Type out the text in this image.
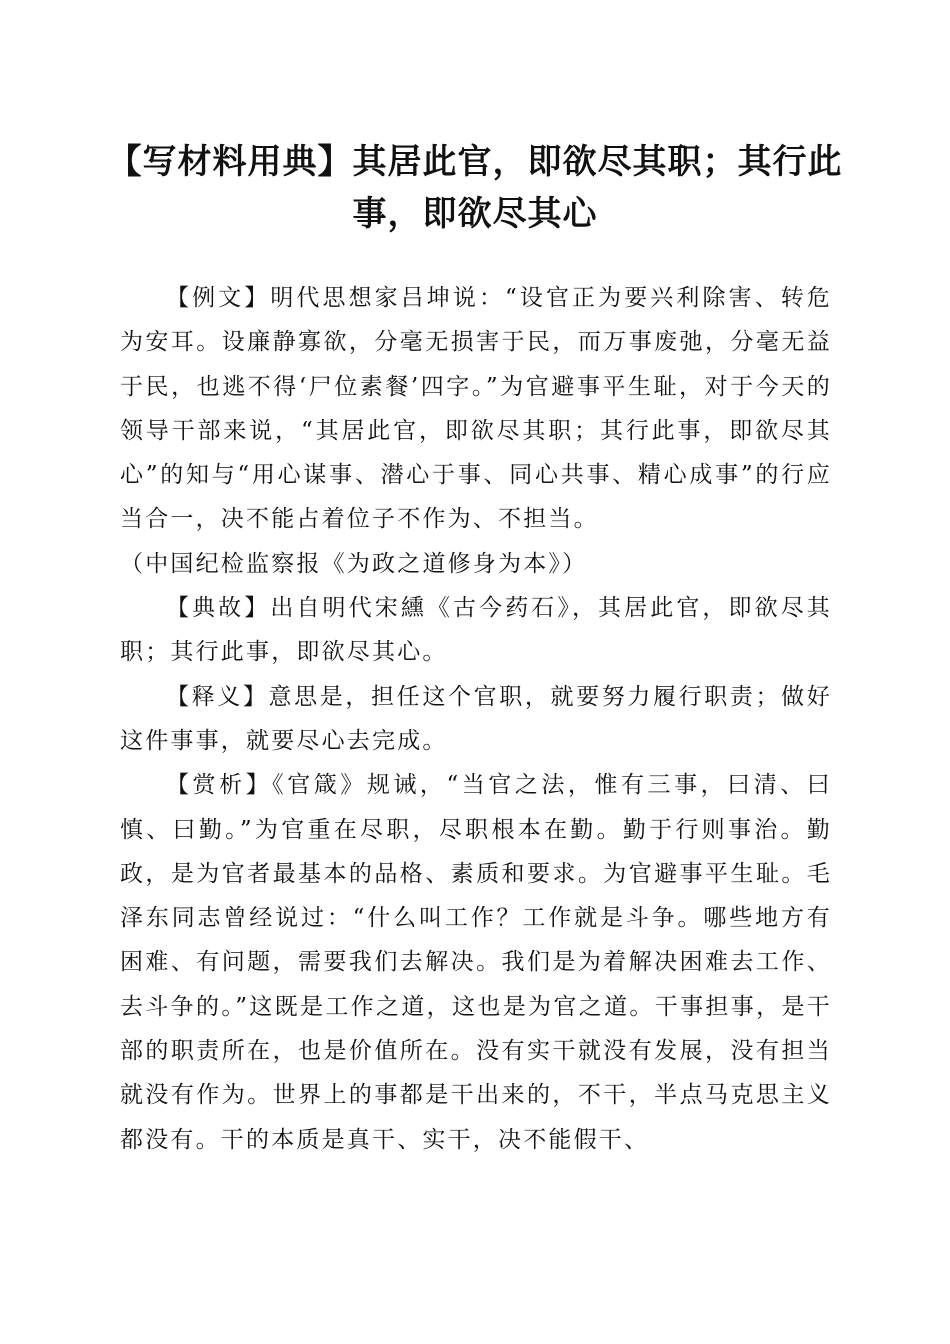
【写材料用典】其居此官，即欲尽其职；其行此事，即欲尽其心

【例文】明代思想家吕坤说：“设官正为要兴利除害、转危为安耳。设廉静寡欲，分毫无损害于民，而万事废弛，分毫无益于民，也逃不得‘尸位素餐’四字。”为官避事平生耻，对于今天的领导干部来说，“其居此官，即欲尽其职；其行此事，即欲尽其心”的知与“用心谋事、潜心于事、同心共事、精心成事”的行应当合一，决不能占着位子不作为、不担当。

（中国纪检监察报《为政之道修身为本》）

【典故】出自明代宋纁《古今药石》，其居此官，即欲尽其职；其行此事，即欲尽其心。

【释义】意思是，担任这个官职，就要努力履行职责；做好这件事事，就要尽心去完成。

【赏析】《官箴》规诫，“当官之法，惟有三事，曰清、曰慎、曰勤。”为官重在尽职，尽职根本在勤。勤于行则事治。勤政，是为官者最基本的品格、素质和要求。为官避事平生耻。毛泽东同志曾经说过：“什么叫工作？工作就是斗争。哪些地方有困难、有问题，需要我们去解决。我们是为着解决困难去工作、去斗争的。”这既是工作之道，这也是为官之道。干事担事，是干部的职责所在，也是价值所在。没有实干就没有发展，没有担当就没有作为。世界上的事都是干出来的，不干，半点马克思主义都没有。干的本质是真干、实干，决不能假干、
